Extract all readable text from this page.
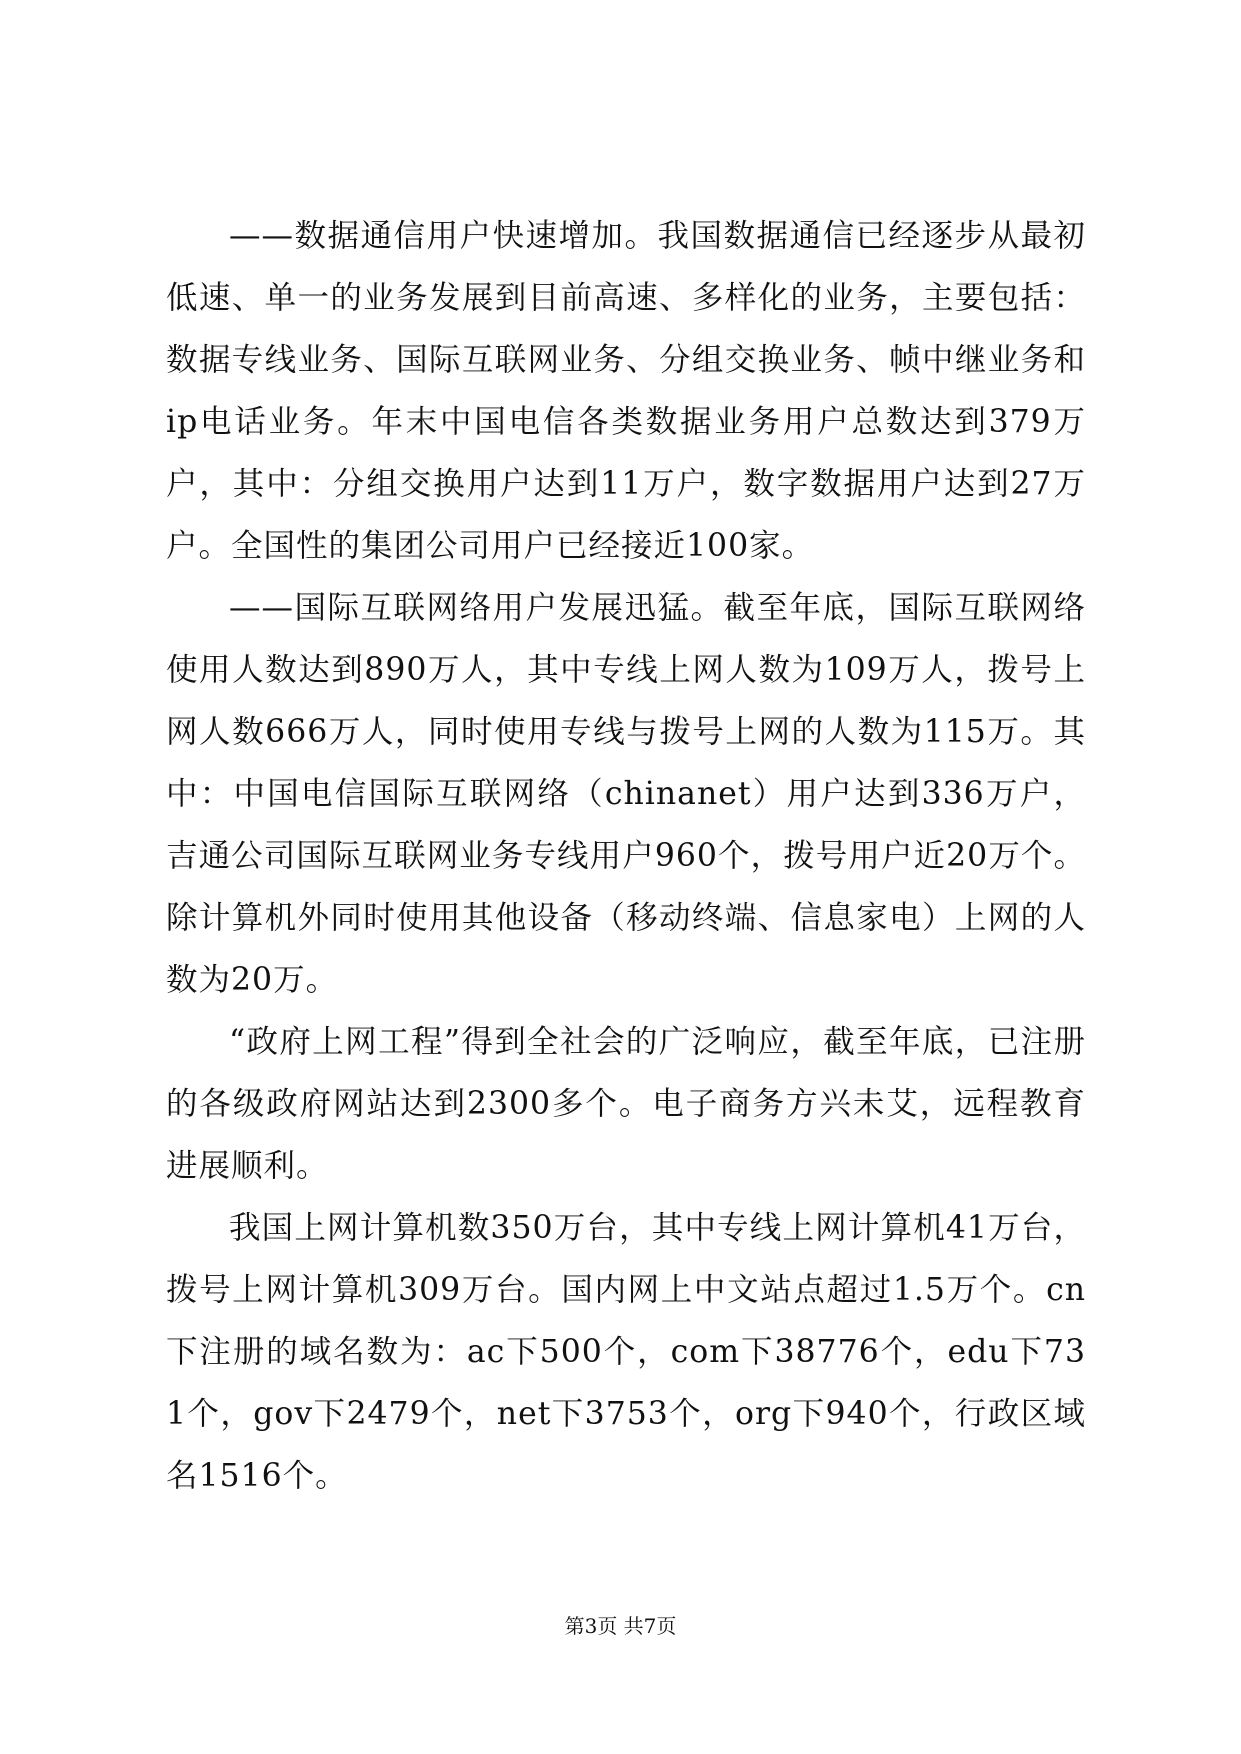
——数据通信用户快速增加。我国数据通信已经逐步从最初低速、单一的业务发展到目前高速、多样化的业务，主要包括：数据专线业务、国际互联网业务、分组交换业务、帧中继业务和ip电话业务。年末中国电信各类数据业务用户总数达到379万户，其中：分组交换用户达到11万户，数字数据用户达到27万户。全国性的集团公司用户已经接近100家。

——国际互联网络用户发展迅猛。截至年底，国际互联网络使用人数达到890万人，其中专线上网人数为109万人，拨号上网人数666万人，同时使用专线与拨号上网的人数为115万。其中：中国电信国际互联网络（chinanet）用户达到336万户，吉通公司国际互联网业务专线用户960个，拨号用户近20万个。除计算机外同时使用其他设备（移动终端、信息家电）上网的人数为20万。

“政府上网工程”得到全社会的广泛响应，截至年底，已注册的各级政府网站达到2300多个。电子商务方兴未艾，远程教育进展顺利。

我国上网计算机数350万台，其中专线上网计算机41万台，拨号上网计算机309万台。国内网上中文站点超过1.5万个。cn下注册的域名数为：ac下500个，com下38776个，edu下731个，gov下2479个，net下3753个，org下940个，行政区域名1516个。

第3页 共7页
